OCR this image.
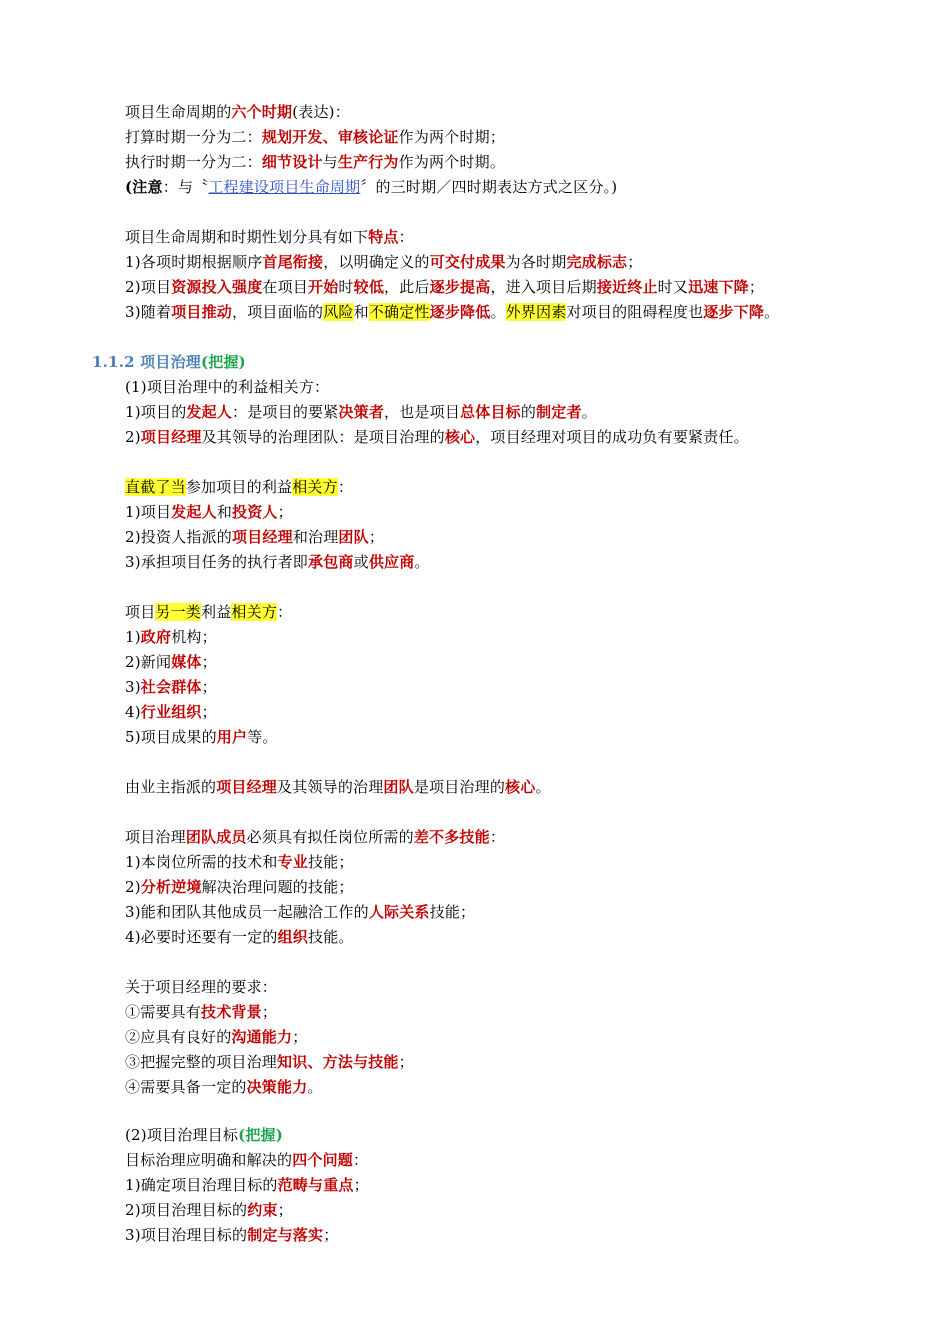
项目生命周期的六个时期(表达)：
打算时期一分为二：规划开发、审核论证作为两个时期；
执行时期一分为二：细节设计与生产行为作为两个时期。
(注意：与〝工程建设项目生命周期〞的三时期／四时期表达方式之区分。)
项目生命周期和时期性划分具有如下特点：
1)各项时期根据顺序首尾衔接，以明确定义的可交付成果为各时期完成标志；
2)项目资源投入强度在项目开始时较低，此后逐步提高，进入项目后期接近终止时又迅速下降；
3)随着项目推动，项目面临的风险和不确定性逐步降低。外界因素对项目的阻碍程度也逐步下降。
1.1.2 项目治理(把握)
(1)项目治理中的利益相关方：
1)项目的发起人：是项目的要紧决策者，也是项目总体目标的制定者。
2)项目经理及其领导的治理团队：是项目治理的核心，项目经理对项目的成功负有要紧责任。
直截了当参加项目的利益相关方：
1)项目发起人和投资人；
2)投资人指派的项目经理和治理团队；
3)承担项目任务的执行者即承包商或供应商。
项目另一类利益相关方：
1)政府机构；
2)新闻媒体；
3)社会群体；
4)行业组织；
5)项目成果的用户等。
由业主指派的项目经理及其领导的治理团队是项目治理的核心。
项目治理团队成员必须具有拟任岗位所需的差不多技能：
1)本岗位所需的技术和专业技能；
2)分析逆境解决治理问题的技能；
3)能和团队其他成员一起融洽工作的人际关系技能；
4)必要时还要有一定的组织技能。
关于项目经理的要求：
①需要具有技术背景；
②应具有良好的沟通能力；
③把握完整的项目治理知识、方法与技能；
④需要具备一定的决策能力。
(2)项目治理目标(把握)
目标治理应明确和解决的四个问题：
1)确定项目治理目标的范畴与重点；
2)项目治理目标的约束；
3)项目治理目标的制定与落实；
